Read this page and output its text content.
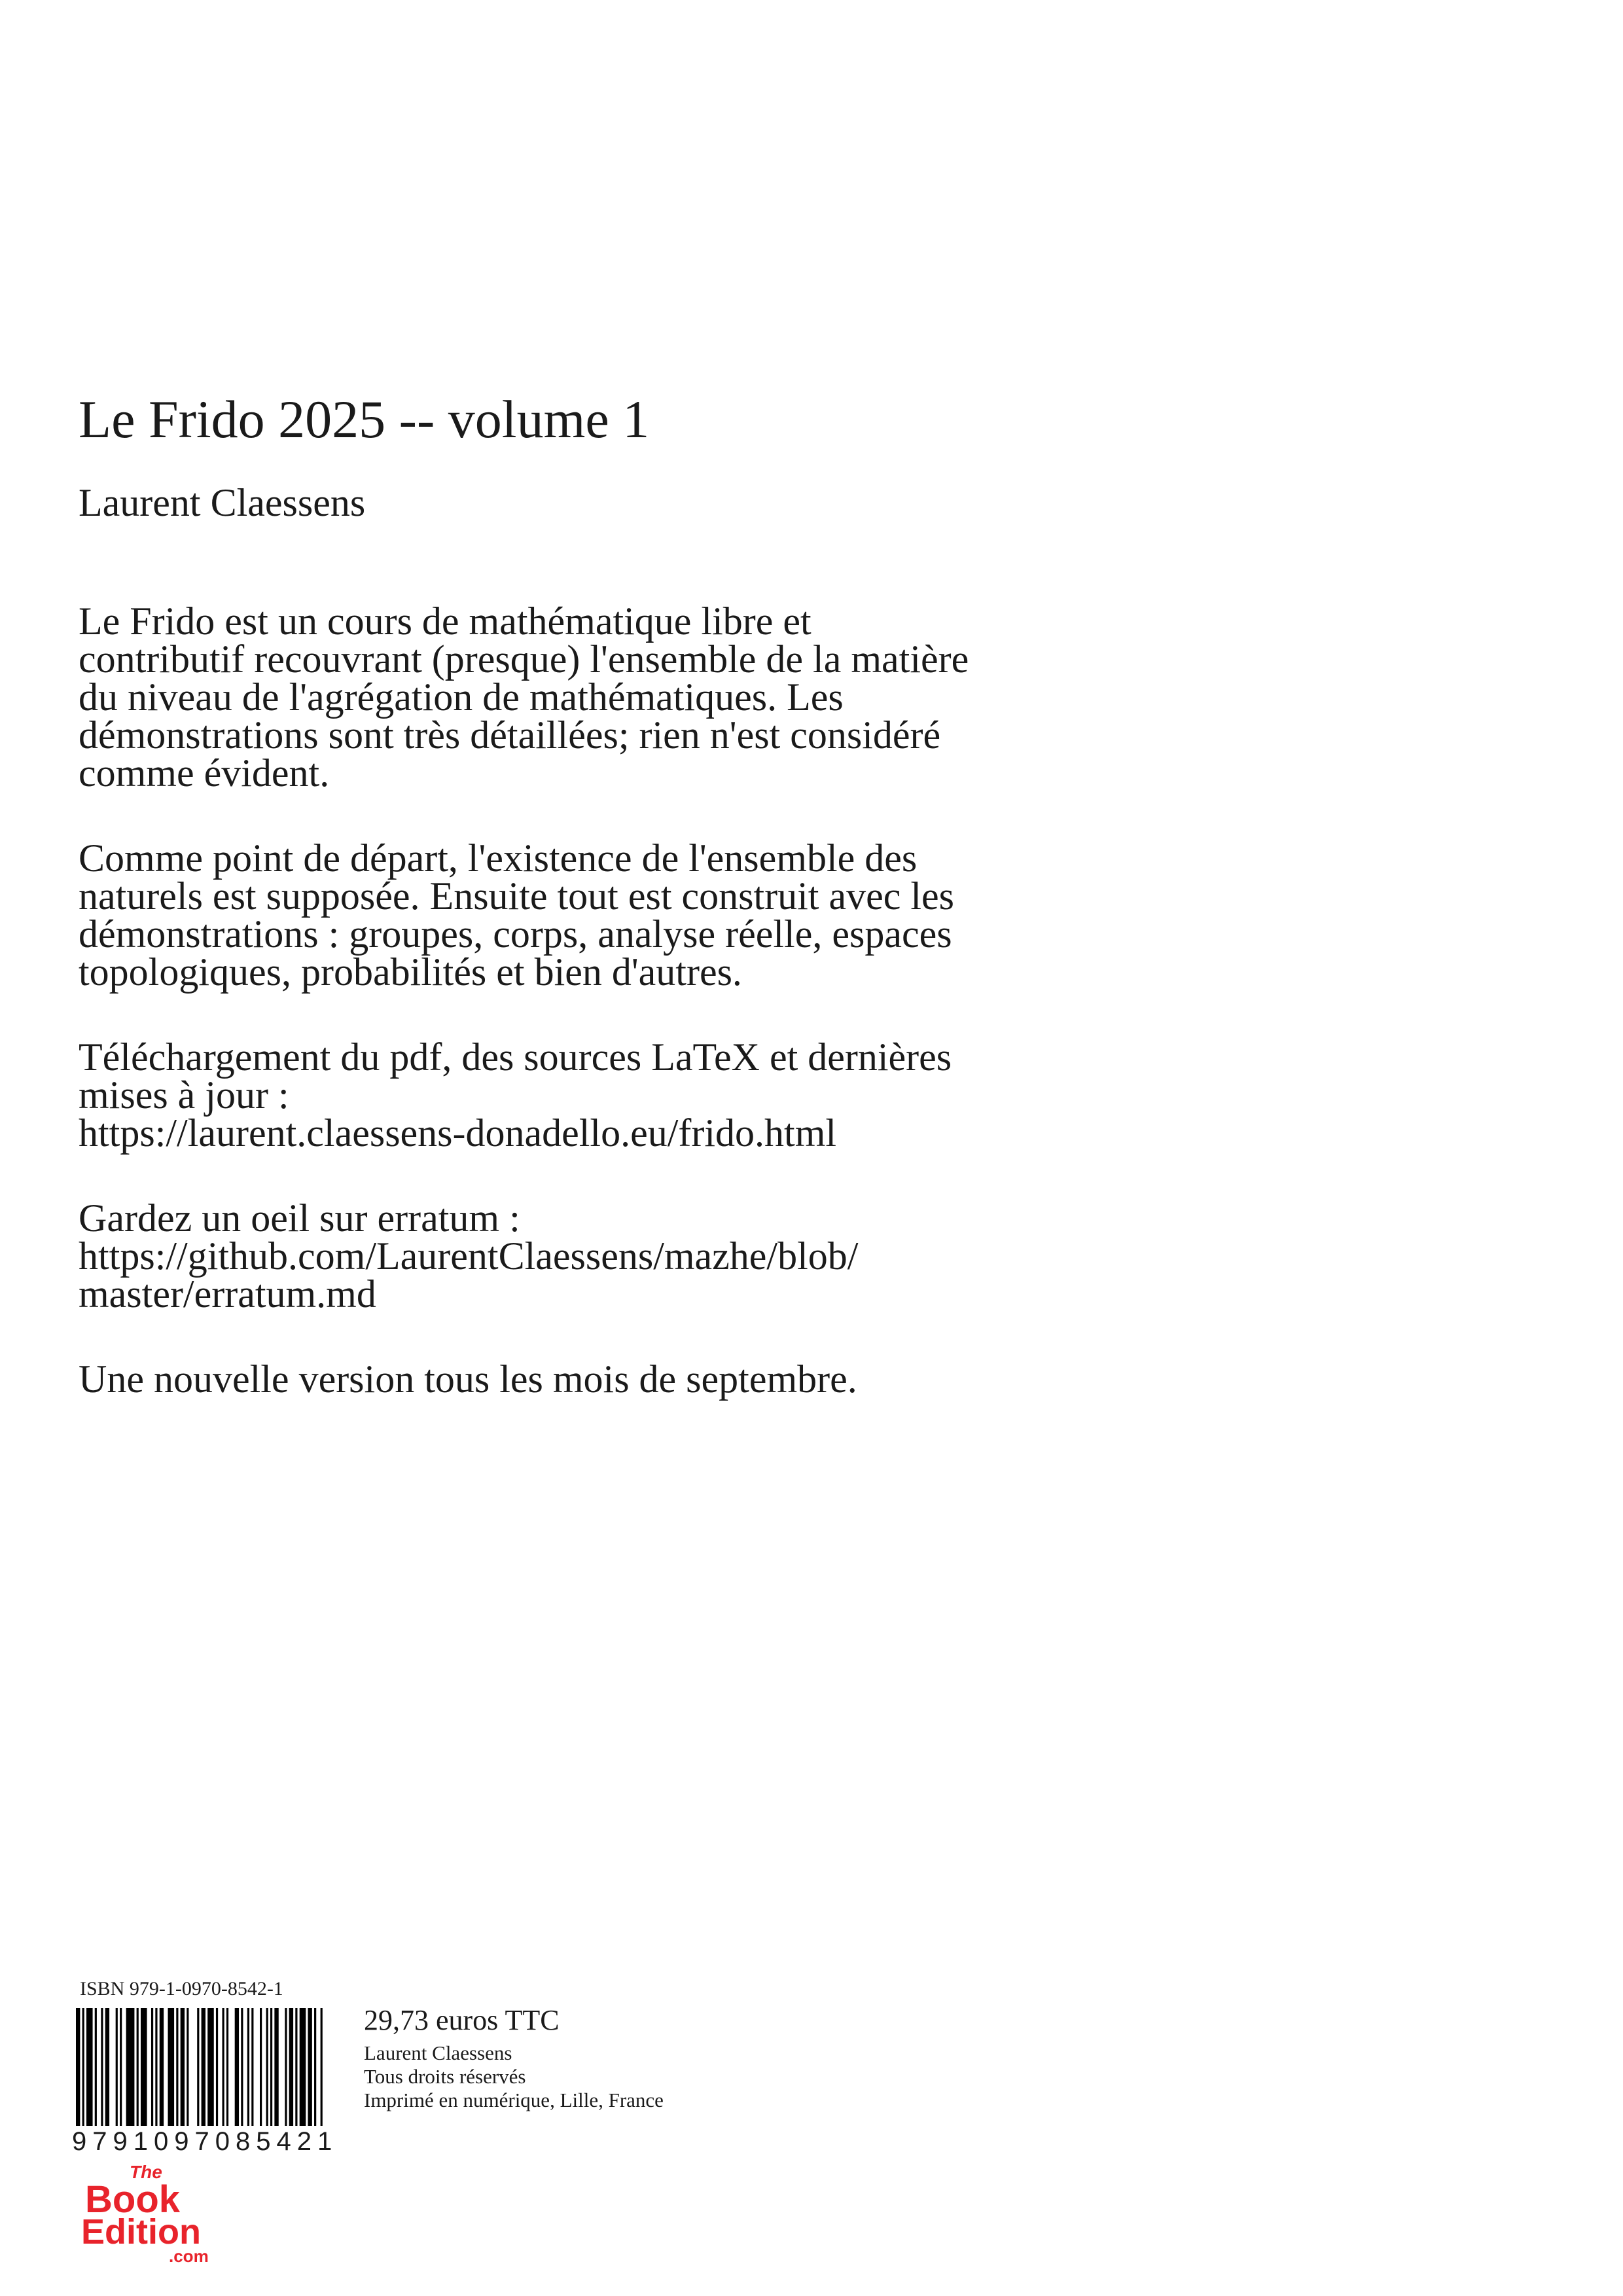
Le Frido 2025 -- volume 1
Laurent Claessens

Le Frido est un cours de mathématique libre et
contributif recouvrant (presque) l'ensemble de la matière
du niveau de l'agrégation de mathématiques. Les
démonstrations sont très détaillées; rien n'est considéré
comme évident.

Comme point de départ, l'existence de l'ensemble des
naturels est supposée. Ensuite tout est construit avec les
démonstrations : groupes, corps, analyse réelle, espaces
topologiques, probabilités et bien d'autres.

Téléchargement du pdf, des sources LaTeX et dernières
mises à jour :
https://laurent.claessens-donadello.eu/frido.html

Gardez un oeil sur erratum :
https://github.com/LaurentClaessens/mazhe/blob/
master/erratum.md

Une nouvelle version tous les mois de septembre.

ISBN 979-1-0970-8542-1
9791097085421
29,73 euros TTC
Laurent Claessens
Tous droits réservés
Imprimé en numérique, Lille, France
The
Book
Edition
.com
